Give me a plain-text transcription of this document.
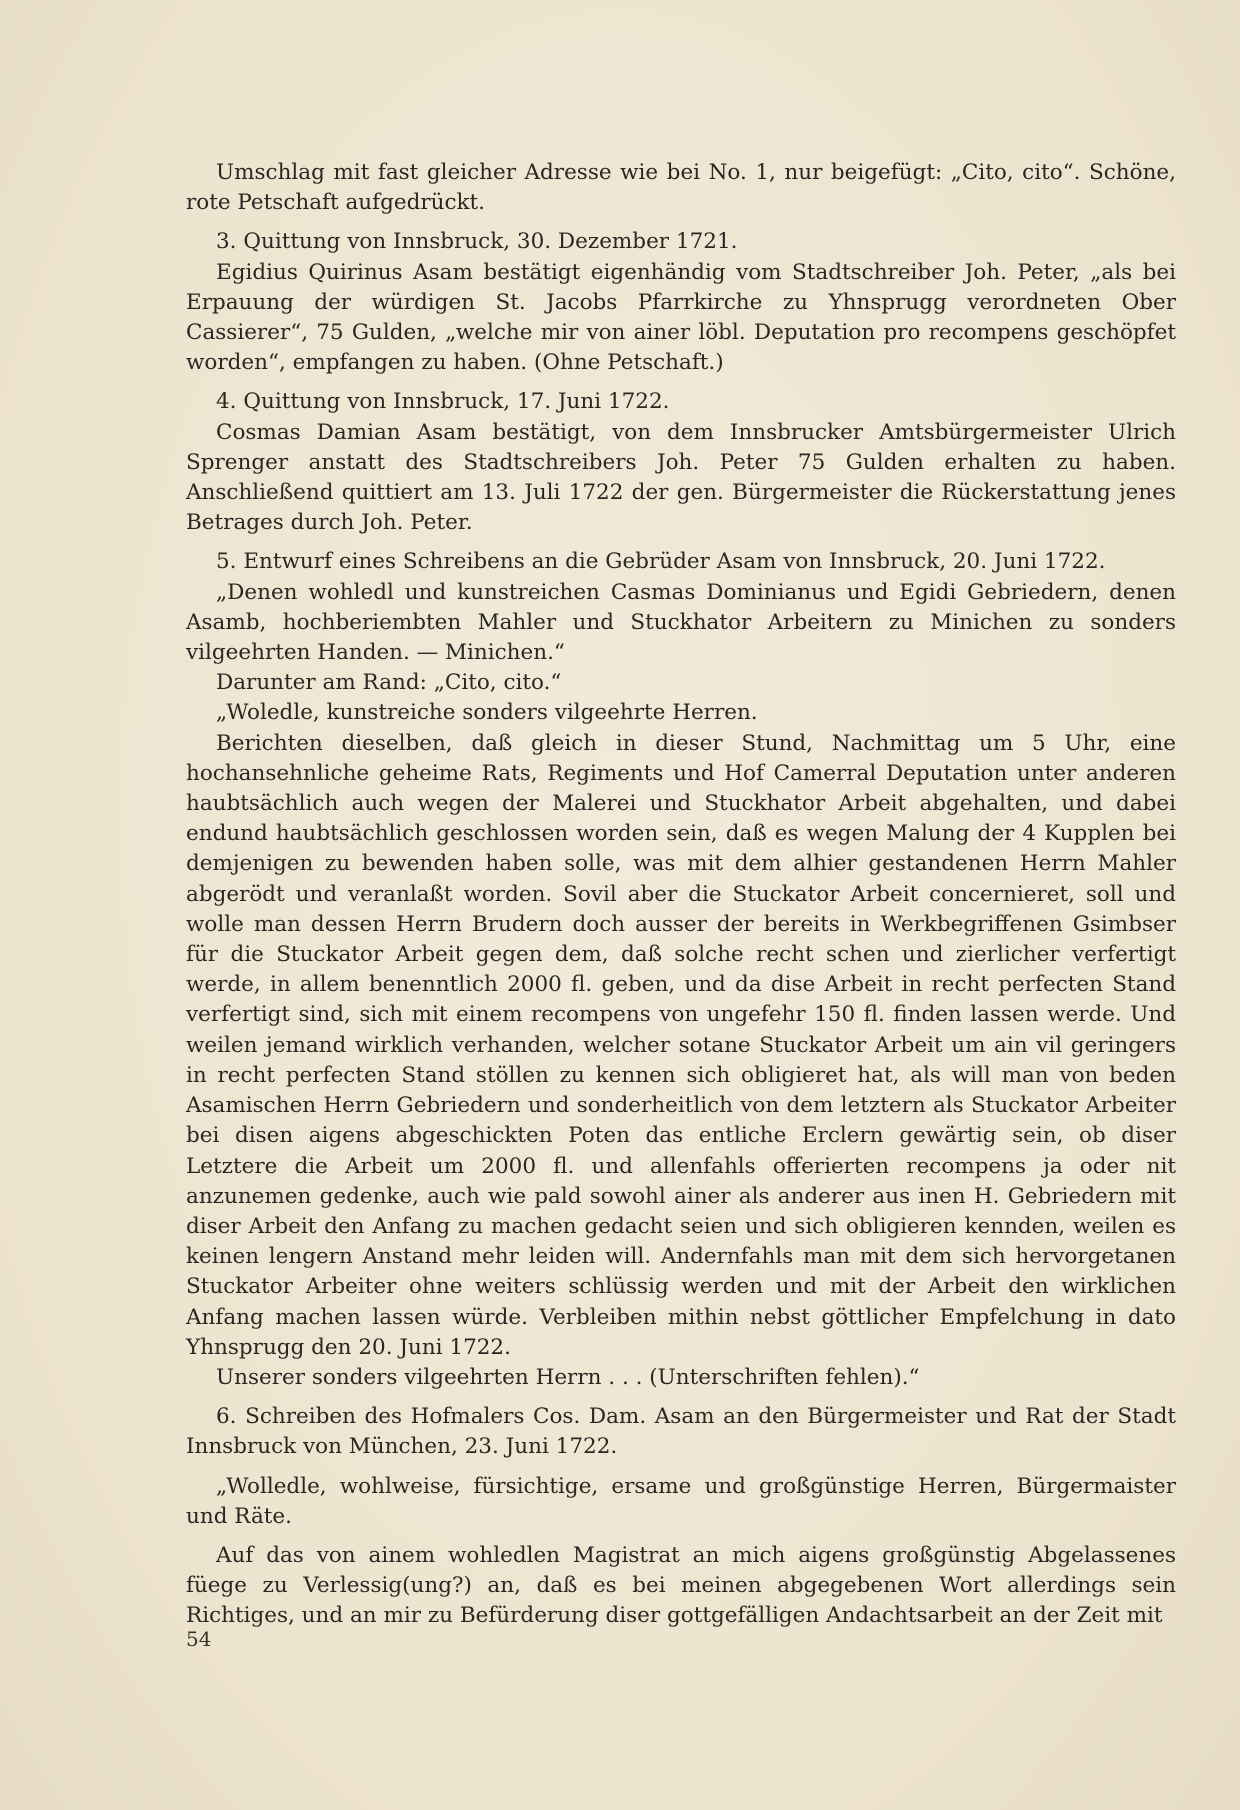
Umschlag mit fast gleicher Adresse wie bei No. 1, nur beigefügt: „Cito, cito“. Schöne, rote Petschaft aufgedrückt.

3. Quittung von Innsbruck, 30. Dezember 1721.

Egidius Quirinus Asam bestätigt eigenhändig vom Stadtschreiber Joh. Peter, „als bei Erpauung der würdigen St. Jacobs Pfarrkirche zu Yhnsprugg verordneten Ober Cassierer“, 75 Gulden, „welche mir von ainer löbl. Deputation pro recompens geschöpfet worden“, empfangen zu haben. (Ohne Petschaft.)

4. Quittung von Innsbruck, 17. Juni 1722.

Cosmas Damian Asam bestätigt, von dem Innsbrucker Amtsbürgermeister Ulrich Sprenger anstatt des Stadtschreibers Joh. Peter 75 Gulden erhalten zu haben. Anschließend quittiert am 13. Juli 1722 der gen. Bürgermeister die Rückerstattung jenes Betrages durch Joh. Peter.

5. Entwurf eines Schreibens an die Gebrüder Asam von Innsbruck, 20. Juni 1722.

„Denen wohledl und kunstreichen Casmas Dominianus und Egidi Gebriedern, denen Asamb, hochberiembten Mahler und Stuckhator Arbeitern zu Minichen zu sonders vilgeehrten Handen. — Minichen.“

Darunter am Rand: „Cito, cito.“

„Woledle, kunstreiche sonders vilgeehrte Herren.

Berichten dieselben, daß gleich in dieser Stund, Nachmittag um 5 Uhr, eine hochansehnliche geheime Rats, Regiments und Hof Camerral Deputation unter anderen haubtsächlich auch wegen der Malerei und Stuckhator Arbeit abgehalten, und dabei endund haubtsächlich geschlossen worden sein, daß es wegen Malung der 4 Kupplen bei demjenigen zu bewenden haben solle, was mit dem alhier gestandenen Herrn Mahler abgerödt und veranlaßt worden. Sovil aber die Stuckator Arbeit concernieret, soll und wolle man dessen Herrn Brudern doch ausser der bereits in Werkbegriffenen Gsimbser für die Stuckator Arbeit gegen dem, daß solche recht schen und zierlicher verfertigt werde, in allem benenntlich 2000 fl. geben, und da dise Arbeit in recht perfecten Stand verfertigt sind, sich mit einem recompens von ungefehr 150 fl. finden lassen werde. Und weilen jemand wirklich verhanden, welcher sotane Stuckator Arbeit um ain vil geringers in recht perfecten Stand stöllen zu kennen sich obligieret hat, als will man von beden Asamischen Herrn Gebriedern und sonderheitlich von dem letztern als Stuckator Arbeiter bei disen aigens abgeschickten Poten das entliche Erclern gewärtig sein, ob diser Letztere die Arbeit um 2000 fl. und allenfahls offerierten recompens ja oder nit anzunemen gedenke, auch wie pald sowohl ainer als anderer aus inen H. Gebriedern mit diser Arbeit den Anfang zu machen gedacht seien und sich obligieren kennden, weilen es keinen lengern Anstand mehr leiden will. Andernfahls man mit dem sich hervorgetanen Stuckator Arbeiter ohne weiters schlüssig werden und mit der Arbeit den wirklichen Anfang machen lassen würde. Verbleiben mithin nebst göttlicher Empfelchung in dato Yhnsprugg den 20. Juni 1722.

Unserer sonders vilgeehrten Herrn . . . (Unterschriften fehlen).“

6. Schreiben des Hofmalers Cos. Dam. Asam an den Bürgermeister und Rat der Stadt Innsbruck von München, 23. Juni 1722.

„Wolledle, wohlweise, fürsichtige, ersame und großgünstige Herren, Bürgermaister und Räte.

Auf das von ainem wohledlen Magistrat an mich aigens großgünstig Abgelassenes füege zu Verlessig(ung?) an, daß es bei meinen abgegebenen Wort allerdings sein Richtiges, und an mir zu Befürderung diser gottgefälligen Andachtsarbeit an der Zeit mit

54
